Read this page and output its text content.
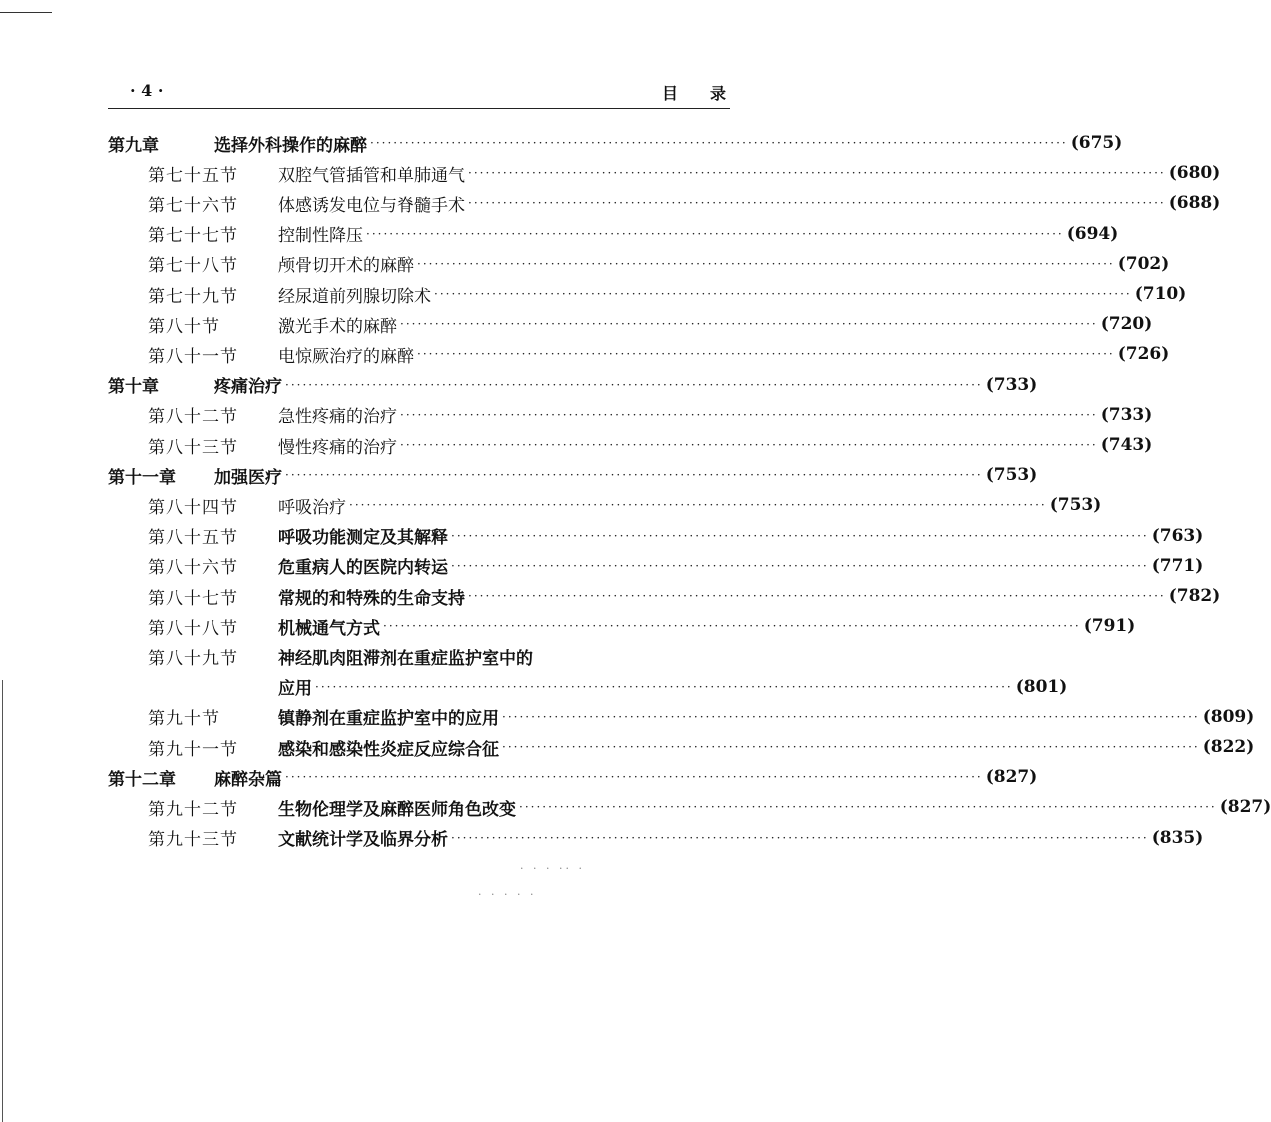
· 4 ·	目录
第九章	选择外科操作的麻醉 ························································································································ (675)
第七十五节	双腔气管插管和单肺通气 ························································································································ (680)
第七十六节	体感诱发电位与脊髓手术 ························································································································ (688)
第七十七节	控制性降压 ························································································································ (694)
第七十八节	颅骨切开术的麻醉 ························································································································ (702)
第七十九节	经尿道前列腺切除术 ························································································································ (710)
第八十节	激光手术的麻醉 ························································································································ (720)
第八十一节	电惊厥治疗的麻醉 ························································································································ (726)
第十章	疼痛治疗 ························································································································ (733)
第八十二节	急性疼痛的治疗 ························································································································ (733)
第八十三节	慢性疼痛的治疗 ························································································································ (743)
第十一章	加强医疗 ························································································································ (753)
第八十四节	呼吸治疗 ························································································································ (753)
第八十五节	呼吸功能测定及其解释 ························································································································ (763)
第八十六节	危重病人的医院内转运 ························································································································ (771)
第八十七节	常规的和特殊的生命支持 ························································································································ (782)
第八十八节	机械通气方式 ························································································································ (791)
第八十九节	神经肌肉阻滞剂在重症监护室中的
应用 ························································································································ (801)
第九十节	镇静剂在重症监护室中的应用 ························································································································ (809)
第九十一节	感染和感染性炎症反应综合征 ························································································································ (822)
第十二章	麻醉杂篇 ························································································································ (827)
第九十二节	生物伦理学及麻醉医师角色改变 ························································································································ (827)
第九十三节	文献统计学及临界分析 ························································································································ (835)
· · · ·· ·
· · · · ·
